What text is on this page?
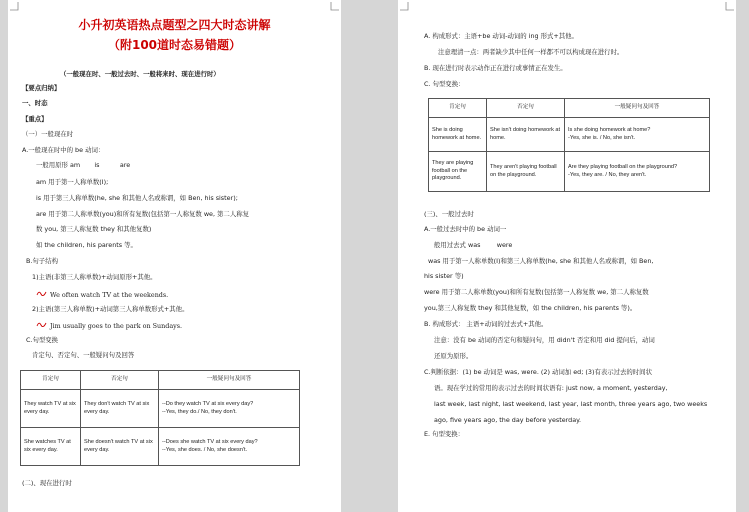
小升初英语热点题型之四大时态讲解
（附100道时态易错题）
（一般现在时、一般过去时、一般将来时、现在进行时）
【要点归纳】
一、时态
【重点】
（一）一般现在时
A.一般现在时中的 be 动词：
一般用原形 am is	are
am 用于第一人称单数(I);
is 用于第三人称单数(he, she 和其他人名或称谓，如 Ben, his sister);
are 用于第二人称单数(you)和所有复数(包括第一人称复数 we, 第二人称复
数 you, 第三人称复数 they 和其他复数)
如 the children, his parents 等。
B.句子结构
1)主语(非第三人称单数)+动词原形+其他。
We often watch TV at the weekends.
2)主语(第三人称单数)+动词第三人称单数形式+其他。
Jim usually goes to the park on Sundays.
C.句型变换
肯定句、否定句、一般疑问句及回答
肯定句	否定句	一般疑问句及回答
They watch TV at six every day.	They don't watch TV at six every day.	--Do they watch TV at six every day?
--Yes, they do./ No, they don't.

She watches TV at six every day.	She doesn't watch TV at six every day.	--Does she watch TV at six every day?
--Yes, she does. / No, she doesn't.
(二)、现在进行时
A. 构成形式：主语+be 动词-动词的 ing 形式+其他。
注意理清一点：两者缺少其中任何一样都不可以构成现在进行时。
B. 现在进行时表示动作正在进行或事情正在发生。
C. 句型变换：
肯定句	否定句	一般疑问句及回答
She is doing homework at home.	She isn't doing homework at home.	Is she doing homework at home?
-Yes, she is. / No, she isn't.

They are playing football on the playground.	They aren't playing football on the playground.	Are they playing football on the playground?
-Yes, they are. / No, they aren't.
(三)、一般过去时
A.一般过去时中的 be 动词一
般用过去式 was	were
was 用于第一人称单数(I)和第三人称单数(he, she 和其他人名或称谓，如 Ben,
his sister 等)
were 用于第二人称单数(you)和所有复数(包括第一人称复数 we, 第二人称复数
you,第三人称复数 they 和其他复数，如 the children, his parents 等)。
B. 构成形式： 主语+动词的过去式+其他。
注意：没有 be 动词的否定句和疑问句，用 didn't 否定和用 did 提问后，动词
还原为原形。
C.判断依据：(1) be 动词是 was, were. (2) 动词加 ed; (3)有表示过去的时间状
语。现在学过的常用的表示过去的时间状语有: just now, a moment, yesterday,
last week, last night, last weekend, last year, last month, three years ago, two weeks
ago, five years ago, the day before yesterday.
E. 句型变换：
